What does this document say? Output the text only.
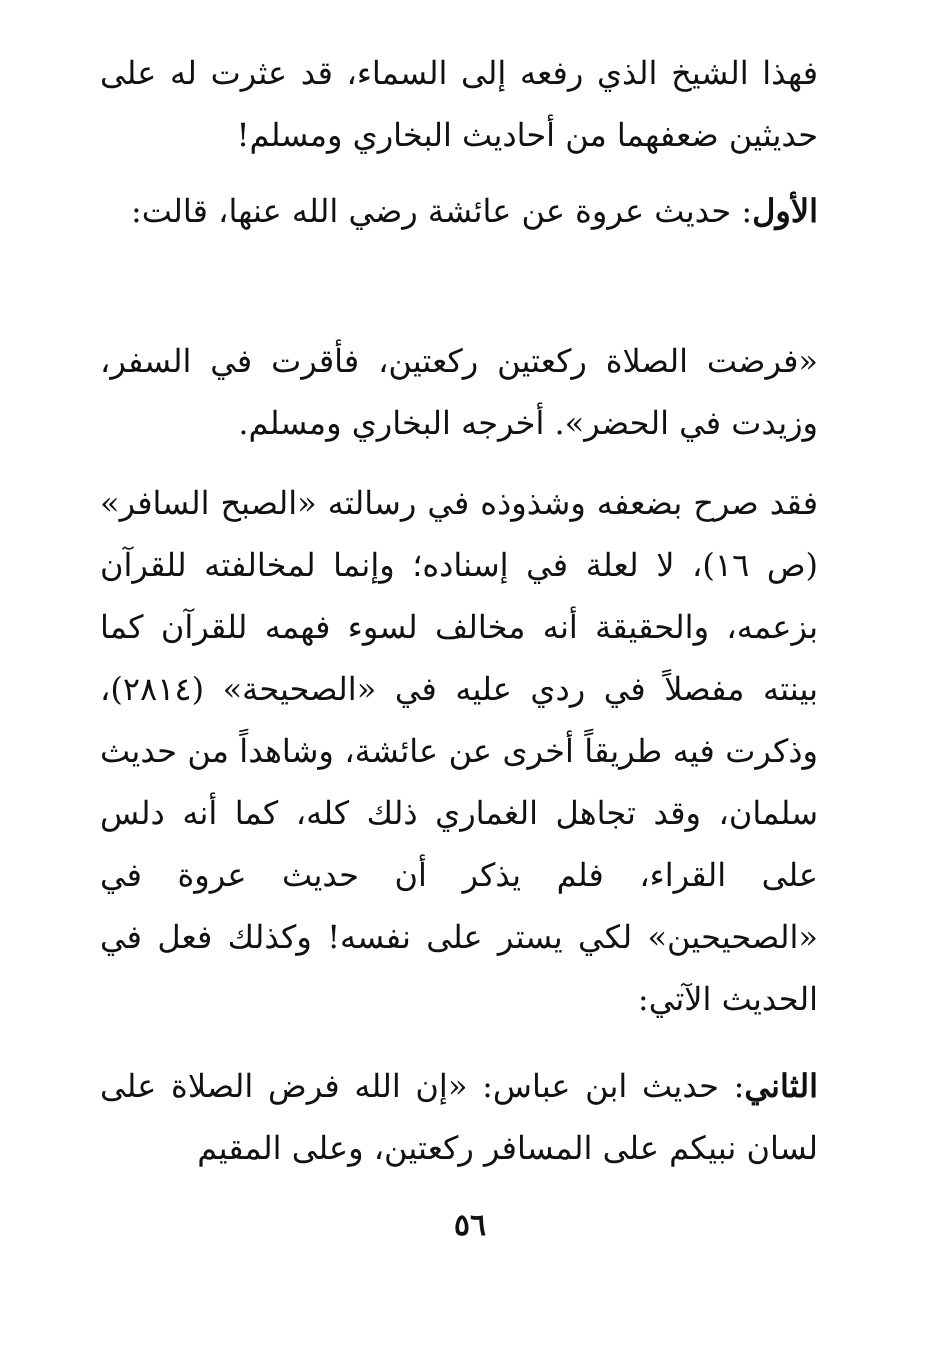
فهذا الشيخ الذي رفعه إلى السماء، قد عثرت له على حديثين ضعفهما من أحاديث البخاري ومسلم!

الأول: حديث عروة عن عائشة رضي الله عنها، قالت:

«فرضت الصلاة ركعتين ركعتين، فأقرت في السفر، وزيدت في الحضر». أخرجه البخاري ومسلم.

فقد صرح بضعفه وشذوذه في رسالته «الصبح السافر» (ص ١٦)، لا لعلة في إسناده؛ وإنما لمخالفته للقرآن بزعمه، والحقيقة أنه مخالف لسوء فهمه للقرآن كما بينته مفصلاً في ردي عليه في «الصحيحة» (٢٨١٤)، وذكرت فيه طريقاً أخرى عن عائشة، وشاهداً من حديث سلمان، وقد تجاهل الغماري ذلك كله، كما أنه دلس على القراء، فلم يذكر أن حديث عروة في «الصحيحين» لكي يستر على نفسه! وكذلك فعل في الحديث الآتي:

الثاني: حديث ابن عباس: «إن الله فرض الصلاة على لسان نبيكم على المسافر ركعتين، وعلى المقيم

٥٦
